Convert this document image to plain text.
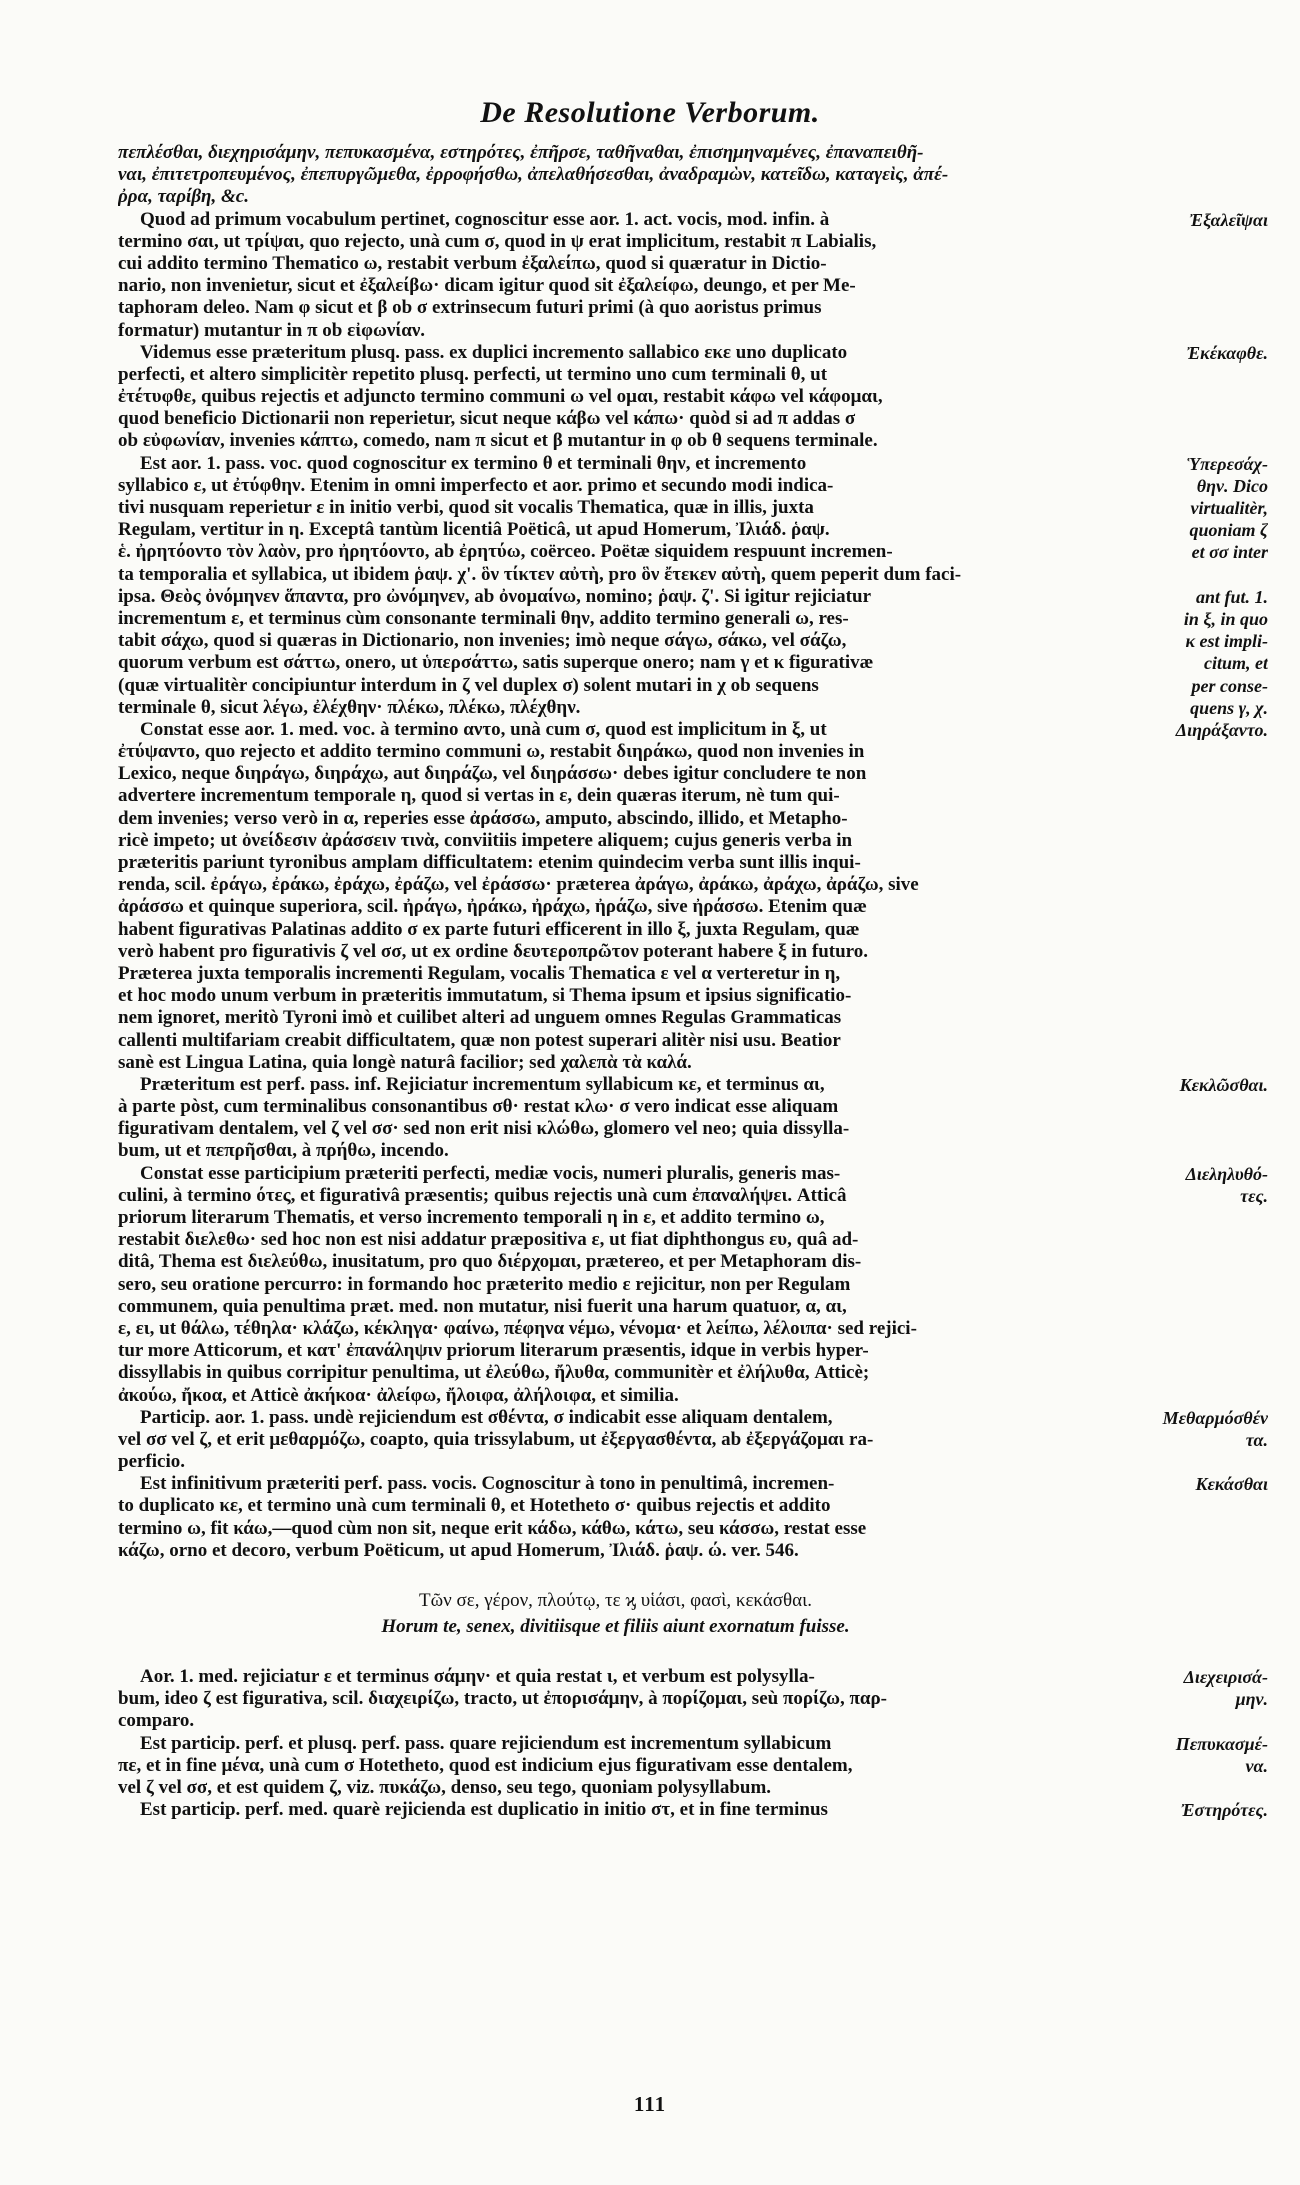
De Resolutione Verborum.
πεπλέσθαι, διεχηρισάμην, πεπυκασμένα, εστηρότες, ἐπῆρσε, ταθῆναθαι, ἐπισημηναμένες, ἐπαναπειθῆ-
ναι, ἐπιτετροπευμένος, ἐπεπυργῶμεθα, ἐρροφήσθω, ἀπελαθήσεσθαι, ἀναδραμὼν, κατεῖδω, καταγεὶς, ἀπέ-
ῤρα, ταρίβη, &c.
Quod ad primum vocabulum pertinet, cognoscitur esse aor. 1. act. vocis, mod. infin. à	Ἐξαλεῖψαι
termino σαι, ut τρίψαι, quo rejecto, unà cum σ, quod in ψ erat implicitum, restabit π Labialis,
cui addito termino Thematico ω, restabit verbum ἐξαλείπω, quod si quæratur in Dictio-
nario, non invenietur, sicut et ἐξαλείβω· dicam igitur quod sit ἐξαλείφω, deungo, et per Me-
taphoram deleo. Nam φ sicut et β ob σ extrinsecum futuri primi (à quo aoristus primus
formatur) mutantur in π ob εἰφωνίαν.
Videmus esse præteritum plusq. pass. ex duplici incremento sallabico εκε uno duplicato	Ἐκέκαφθε.
perfecti, et altero simplicitèr repetito plusq. perfecti, ut termino uno cum terminali θ, ut
ἐτέτυφθε, quibus rejectis et adjuncto termino communi ω vel ομαι, restabit κάφω vel κάφομαι,
quod beneficio Dictionarii non reperietur, sicut neque κάβω vel κάπω· quòd si ad π addas σ
ob εὐφωνίαν, invenies κάπτω, comedo, nam π sicut et β mutantur in φ ob θ sequens terminale.
Est aor. 1. pass. voc. quod cognoscitur ex termino θ et terminali θην, et incremento	Ὑπερεσάχ-
syllabico ε, ut ἐτύφθην. Etenim in omni imperfecto et aor. primo et secundo modi indica-	θην. Dico
tivi nusquam reperietur ε in initio verbi, quod sit vocalis Thematica, quæ in illis, juxta	virtualitèr,
Regulam, vertitur in η. Exceptâ tantùm licentiâ Poëticâ, ut apud Homerum, Ἰλιάδ. ῥαψ.	quoniam ζ
ἑ. ἠρητόοντο τὸν λαὸν, pro ἠρητόοντο, ab ἐρητύω, coërceo. Poëtæ siquidem respuunt incremen-	et σσ inter
ta temporalia et syllabica, ut ibidem ῥαψ. χ'. ὃν τίκτεν αὐτὴ, pro ὃν ἔτεκεν αὐτὴ, quem peperit dum faci-
ipsa. Θεὸς ὀνόμηνεν ἅπαντα, pro ὠνόμηνεν, ab ὀνομαίνω, nomino; ῥαψ. ζ'. Si igitur rejiciatur	ant fut. 1.
incrementum ε, et terminus cùm consonante terminali θην, addito termino generali ω, res-	in ξ, in quo
tabit σάχω, quod si quæras in Dictionario, non invenies; imò neque σάγω, σάκω, vel σάζω,	κ est impli-
quorum verbum est σάττω, onero, ut ὑπερσάττω, satis superque onero; nam γ et κ figurativæ	citum, et
(quæ virtualitèr concipiuntur interdum in ζ vel duplex σ) solent mutari in χ ob sequens	per conse-
terminale θ, sicut λέγω, ἐλέχθην· πλέκω, πλέκω, πλέχθην.	quens γ, χ.
Constat esse aor. 1. med. voc. à termino αντο, unà cum σ, quod est implicitum in ξ, ut	Διηράξαντο.
ἐτύψαντο, quo rejecto et addito termino communi ω, restabit διηράκω, quod non invenies in
Lexico, neque διηράγω, διηράχω, aut διηράζω, vel διηράσσω· debes igitur concludere te non
advertere incrementum temporale η, quod si vertas in ε, dein quæras iterum, nè tum qui-
dem invenies; verso verò in α, reperies esse ἀράσσω, amputo, abscindo, illido, et Metapho-
ricè impeto; ut ὀνείδεσιν ἀράσσειν τινὰ, conviitiis impetere aliquem; cujus generis verba in
præteritis pariunt tyronibus amplam difficultatem: etenim quindecim verba sunt illis inqui-
renda, scil. ἐράγω, ἐράκω, ἐράχω, ἐράζω, vel ἐράσσω· præterea ἀράγω, ἀράκω, ἀράχω, ἀράζω, sive
ἀράσσω et quinque superiora, scil. ἠράγω, ἠράκω, ἠράχω, ἠράζω, sive ἠράσσω. Etenim quæ
habent figurativas Palatinas addito σ ex parte futuri efficerent in illo ξ, juxta Regulam, quæ
verò habent pro figurativis ζ vel σσ, ut ex ordine δευτεροπρῶτον poterant habere ξ in futuro.
Præterea juxta temporalis incrementi Regulam, vocalis Thematica ε vel α verteretur in η,
et hoc modo unum verbum in præteritis immutatum, si Thema ipsum et ipsius significatio-
nem ignoret, meritò Tyroni imò et cuilibet alteri ad unguem omnes Regulas Grammaticas
callenti multifariam creabit difficultatem, quæ non potest superari alitèr nisi usu. Beatior
sanè est Lingua Latina, quia longè naturâ facilior; sed χαλεπὰ τὰ καλά.
Præteritum est perf. pass. inf. Rejiciatur incrementum syllabicum κε, et terminus αι,	Κεκλῶσθαι.
à parte pòst, cum terminalibus consonantibus σθ· restat κλω· σ vero indicat esse aliquam
figurativam dentalem, vel ζ vel σσ· sed non erit nisi κλώθω, glomero vel neo; quia dissylla-
bum, ut et πεπρῆσθαι, à πρήθω, incendo.
Constat esse participium præteriti perfecti, mediæ vocis, numeri pluralis, generis mas-	Διεληλυθό-
culini, à termino ότες, et figurativâ præsentis; quibus rejectis unà cum ἐπαναλήψει. Atticâ	τες.
priorum literarum Thematis, et verso incremento temporali η in ε, et addito termino ω,
restabit διελεθω· sed hoc non est nisi addatur præpositiva ε, ut fiat diphthongus ευ, quâ ad-
ditâ, Thema est διελεύθω, inusitatum, pro quo διέρχομαι, prætereo, et per Metaphoram dis-
sero, seu oratione percurro: in formando hoc præterito medio ε rejicitur, non per Regulam
communem, quia penultima præt. med. non mutatur, nisi fuerit una harum quatuor, α, αι,
ε, ει, ut θάλω, τέθηλα· κλάζω, κέκληγα· φαίνω, πέφηνα νέμω, νένομα· et λείπω, λέλοιπα· sed rejici-
tur more Atticorum, et κατ' ἐπανάληψιν priorum literarum præsentis, idque in verbis hyper-
dissyllabis in quibus corripitur penultima, ut ἐλεύθω, ἤλυθα, communitèr et ἐλήλυθα, Atticè;
ἀκούω, ἤκοα, et Atticè ἀκήκοα· ἀλείφω, ἤλοιφα, ἀλήλοιφα, et similia.
Particip. aor. 1. pass. undè rejiciendum est σθέντα, σ indicabit esse aliquam dentalem,	Μεθαρμόσθέν
vel σσ vel ζ, et erit μεθαρμόζω, coapto, quia trissylabum, ut ἐξεργασθέντα, ab ἐξεργάζομαι ra-	τα.
perficio.
Est infinitivum præteriti perf. pass. vocis. Cognoscitur à tono in penultimâ, incremen-	Κεκάσθαι
to duplicato κε, et termino unà cum terminali θ, et Hotetheto σ· quibus rejectis et addito
termino ω, fit κάω,—quod cùm non sit, neque erit κάδω, κάθω, κάτω, seu κάσσω, restat esse
κάζω, orno et decoro, verbum Poëticum, ut apud Homerum, Ἰλιάδ. ῥαψ. ώ. ver. 546.
Τῶν σε, γέρον, πλούτῳ, τε ϗ υἱάσι, φασὶ, κεκάσθαι.
Horum te, senex, divitiisque et filiis aiunt exornatum fuisse.
Aor. 1. med. rejiciatur ε et terminus σάμην· et quia restat ι, et verbum est polysylla-	Διεχειρισά-
bum, ideo ζ est figurativa, scil. διαχειρίζω, tracto, ut ἐπορισάμην, à πορίζομαι, seù πορίζω, παρ-	μην.
comparo.
Est particip. perf. et plusq. perf. pass. quare rejiciendum est incrementum syllabicum	Πεπυκασμέ-
πε, et in fine μένα, unà cum σ Hotetheto, quod est indicium ejus figurativam esse dentalem,	να.
vel ζ vel σσ, et est quidem ζ, viz. πυκάζω, denso, seu tego, quoniam polysyllabum.
Est particip. perf. med. quarè rejicienda est duplicatio in initio στ, et in fine terminus	Ἐστηρότες.
111
